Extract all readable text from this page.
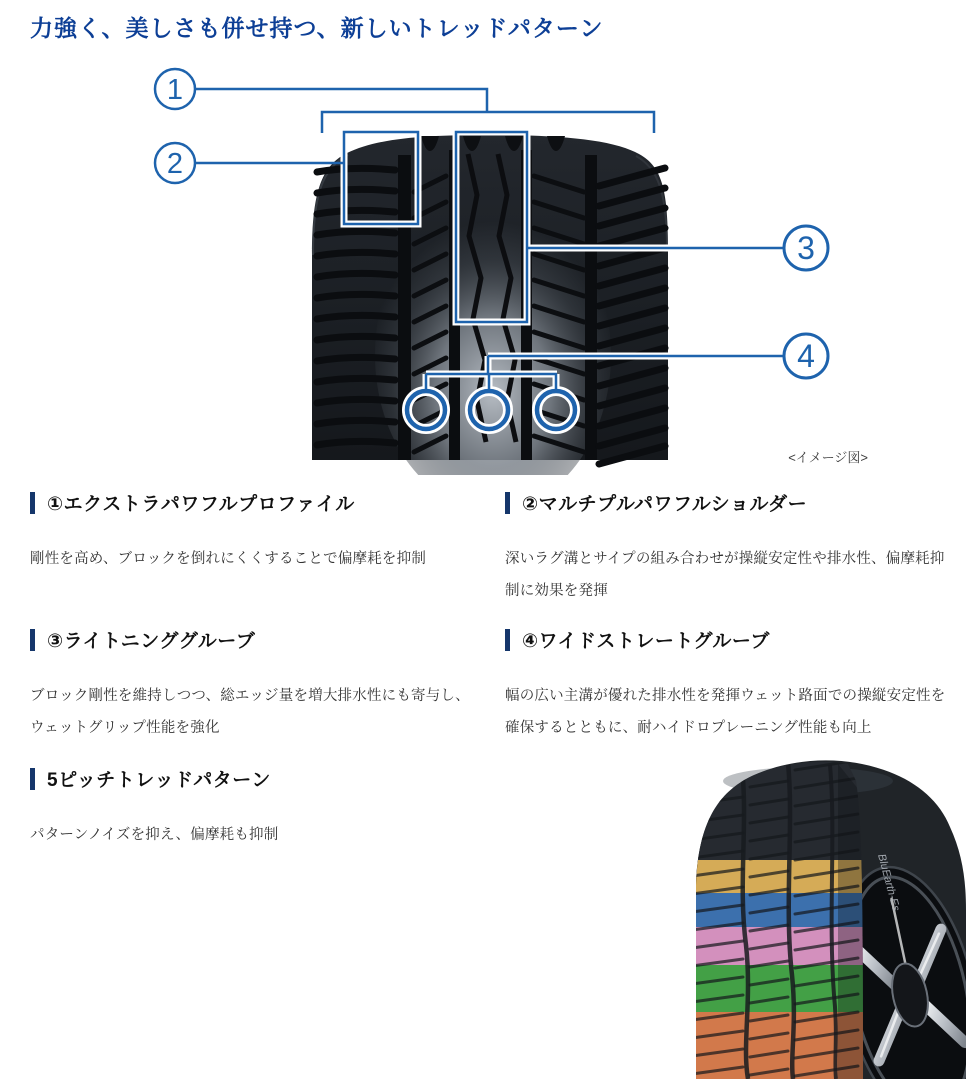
力強く、美しさも併せ持つ、新しいトレッドパターン
1
2
3
4
<イメージ図>
①エクストラパワフルプロファイル

剛性を高め、ブロックを倒れにくくすることで偏摩耗を抑制

②マルチプルパワフルショルダー

深いラグ溝とサイプの組み合わせが操縦安定性や排水性、偏摩耗抑制に効果を発揮

③ライトニンググルーブ

ブロック剛性を維持しつつ、総エッジ量を増大排水性にも寄与し、ウェットグリップ性能を強化

④ワイドストレートグルーブ

幅の広い主溝が優れた排水性を発揮ウェット路面での操縦安定性を確保するとともに、耐ハイドロプレーニング性能も向上

5ピッチトレッドパターン

パターンノイズを抑え、偏摩耗も抑制

BluEarth-Es
